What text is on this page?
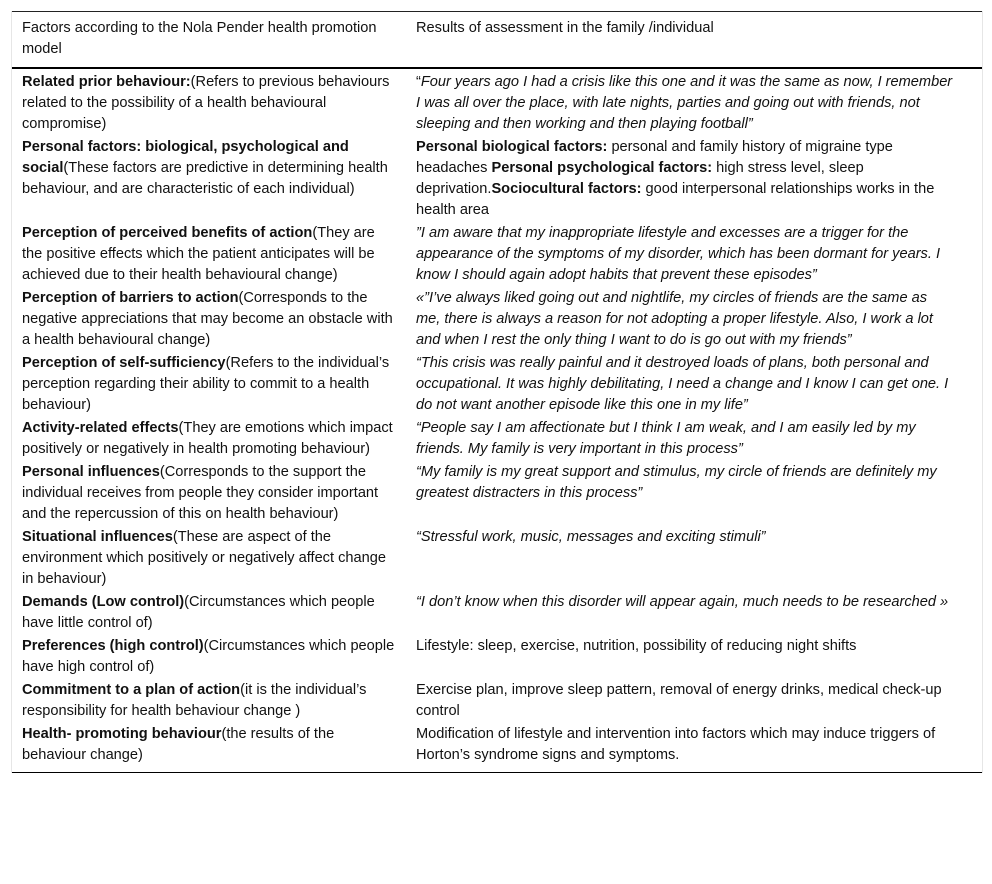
Factors according to the Nola Pender health promotion model	Results of assessment in the family /individual
Related prior behaviour:(Refers to previous behaviours related to the possibility of a health behavioural compromise)	“Four years ago I had a crisis like this one and it was the same as now, I remember I was all over the place, with late nights, parties and going out with friends, not sleeping and then working and then playing football”
Personal factors: biological, psychological and social(These factors are predictive in determining health behaviour, and are characteristic of each individual)	Personal biological factors: personal and family history of migraine type headaches Personal psychological factors: high stress level, sleep deprivation.Sociocultural factors: good interpersonal relationships works in the health area
Perception of perceived benefits of action(They are the positive effects which the patient anticipates will be achieved due to their health behavioural change)	”I am aware that my inappropriate lifestyle and excesses are a trigger for the appearance of the symptoms of my disorder, which has been dormant for years. I know I should again adopt habits that prevent these episodes”
Perception of barriers to action(Corresponds to the negative appreciations that may become an obstacle with a health behavioural change)	«”I’ve always liked going out and nightlife, my circles of friends are the same as me, there is always a reason for not adopting a proper lifestyle. Also, I work a lot and when I rest the only thing I want to do is go out with my friends”
Perception of self-sufficiency(Refers to the individual’s perception regarding their ability to commit to a health behaviour)	“This crisis was really painful and it destroyed loads of plans, both personal and occupational. It was highly debilitating, I need a change and I know I can get one. I do not want another episode like this one in my life”
Activity-related effects(They are emotions which impact positively or negatively in health promoting behaviour)	“People say I am affectionate but I think I am weak, and I am easily led by my friends. My family is very important in this process”
Personal influences(Corresponds to the support the individual receives from people they consider important and the repercussion of this on health behaviour)	“My family is my great support and stimulus, my circle of friends are definitely my greatest distracters in this process”
Situational influences(These are aspect of the environment which positively or negatively affect change in behaviour)	“Stressful work, music, messages and exciting stimuli”
Demands (Low control)(Circumstances which people have little control of)	“I don’t know when this disorder will appear again, much needs to be researched »
Preferences (high control)(Circumstances which people have high control of)	Lifestyle: sleep, exercise, nutrition, possibility of reducing night shifts
Commitment to a plan of action(it is the individual’s responsibility for health behaviour change )	Exercise plan, improve sleep pattern, removal of energy drinks, medical check-up control
Health- promoting behaviour(the results of the behaviour change)	Modification of lifestyle and intervention into factors which may induce triggers of Horton’s syndrome signs and symptoms.
